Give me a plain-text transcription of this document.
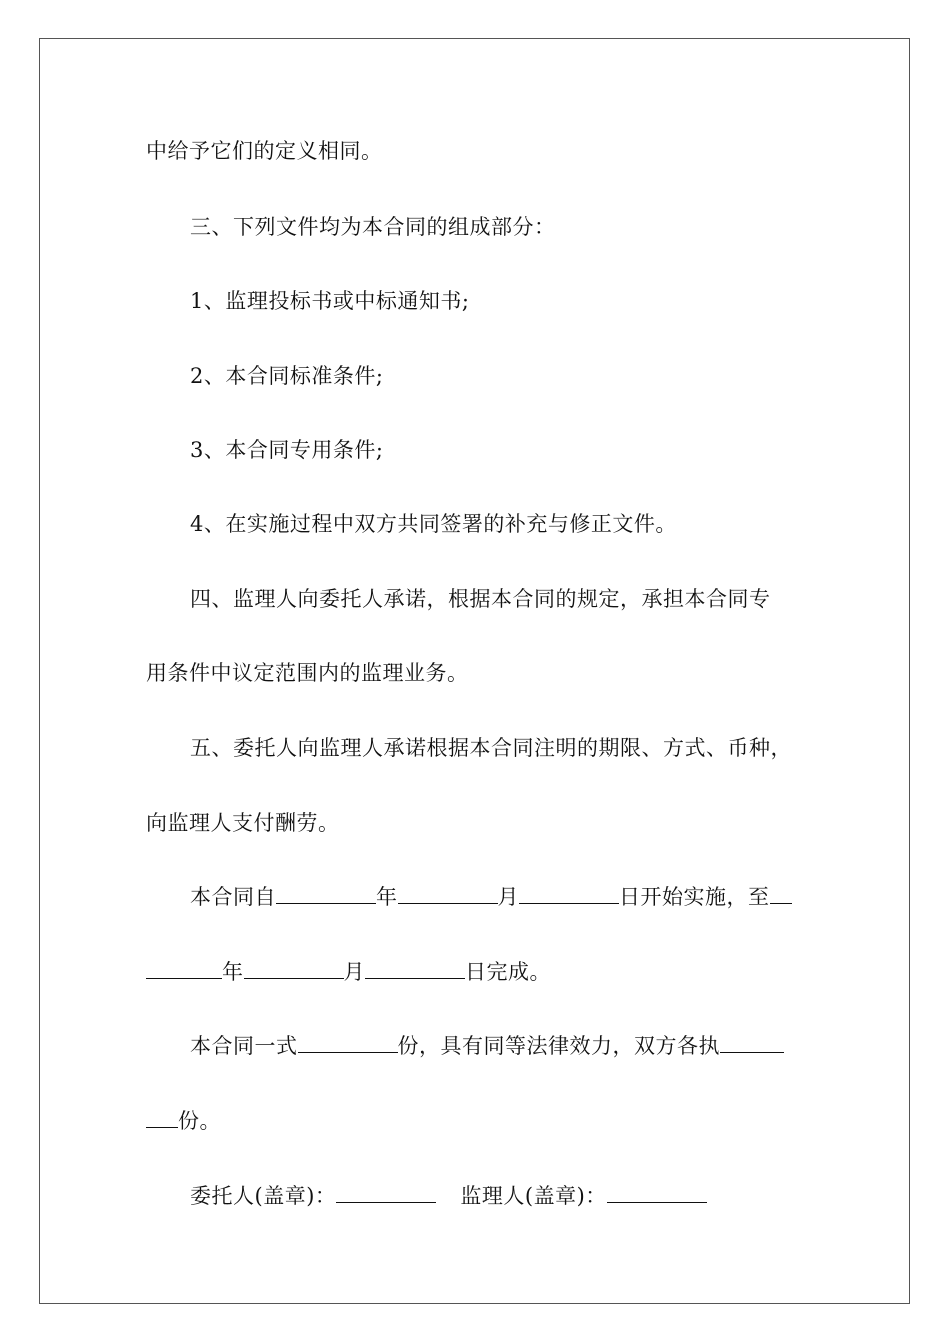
中给予它们的定义相同。
三、下列文件均为本合同的组成部分：
1、监理投标书或中标通知书;
2、本合同标准条件;
3、本合同专用条件;
4、在实施过程中双方共同签署的补充与修正文件。
四、监理人向委托人承诺，根据本合同的规定，承担本合同专
用条件中议定范围内的监理业务。
五、委托人向监理人承诺根据本合同注明的期限、方式、币种，
向监理人支付酬劳。
本合同自	年	月	日开始实施，至
年	月	日完成。
本合同一式	份，具有同等法律效力，双方各执
份。
委托人(盖章)：	监理人(盖章)：
